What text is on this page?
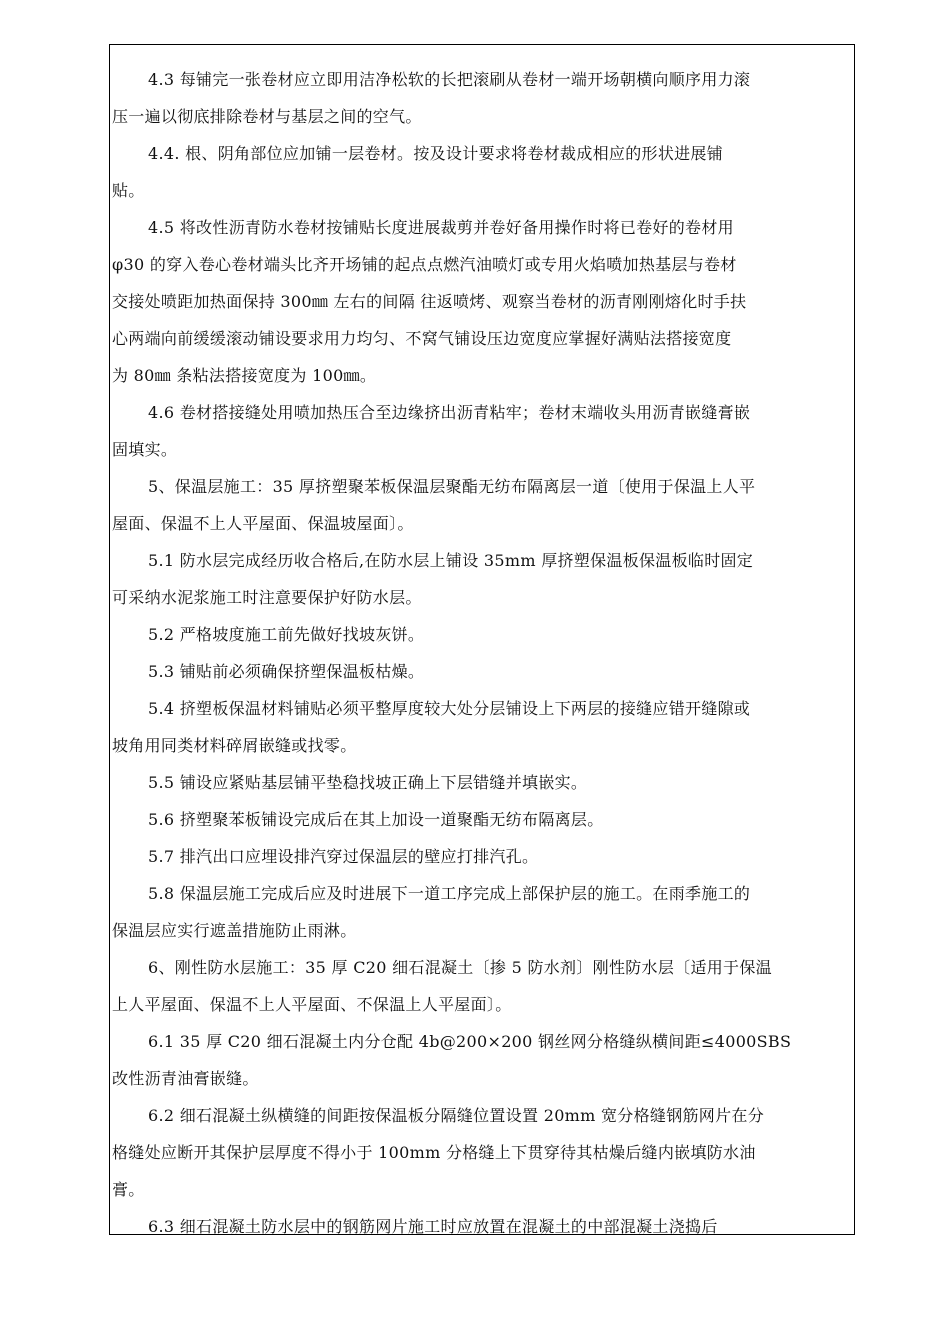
4.3 每铺完一张卷材应立即用洁净松软的长把滚刷从卷材一端开场朝横向顺序用力滚
压一遍以彻底排除卷材与基层之间的空气。

4.4. 根、阴角部位应加铺一层卷材。按及设计要求将卷材裁成相应的形状进展铺
贴。

4.5 将改性沥青防水卷材按铺贴长度进展裁剪并卷好备用操作时将已卷好的卷材用
φ30 的穿入卷心卷材端头比齐开场铺的起点点燃汽油喷灯或专用火焰喷加热基层与卷材
交接处喷距加热面保持 300㎜ 左右的间隔 往返喷烤、观察当卷材的沥青刚刚熔化时手扶
心两端向前缓缓滚动铺设要求用力均匀、不窝气铺设压边宽度应掌握好满贴法搭接宽度
为 80㎜ 条粘法搭接宽度为 100㎜。

4.6 卷材搭接缝处用喷加热压合至边缘挤出沥青粘牢；卷材末端收头用沥青嵌缝膏嵌
固填实。

5、保温层施工：35 厚挤塑聚苯板保温层聚酯无纺布隔离层一道〔使用于保温上人平
屋面、保温不上人平屋面、保温坡屋面〕。

5.1 防水层完成经历收合格后,在防水层上铺设 35mm 厚挤塑保温板保温板临时固定
可采纳水泥浆施工时注意要保护好防水层。

5.2 严格坡度施工前先做好找坡灰饼。

5.3 铺贴前必须确保挤塑保温板枯燥。

5.4 挤塑板保温材料铺贴必须平整厚度较大处分层铺设上下两层的接缝应错开缝隙或
坡角用同类材料碎屑嵌缝或找零。

5.5 铺设应紧贴基层铺平垫稳找坡正确上下层错缝并填嵌实。

5.6 挤塑聚苯板铺设完成后在其上加设一道聚酯无纺布隔离层。

5.7 排汽出口应埋设排汽穿过保温层的壁应打排汽孔。

5.8 保温层施工完成后应及时进展下一道工序完成上部保护层的施工。在雨季施工的
保温层应实行遮盖措施防止雨淋。

6、刚性防水层施工：35 厚 C20 细石混凝土〔掺 5 防水剂〕刚性防水层〔适用于保温
上人平屋面、保温不上人平屋面、不保温上人平屋面〕。

6.1 35 厚 C20 细石混凝土内分仓配 4b@200×200 钢丝网分格缝纵横间距≤4000SBS
改性沥青油膏嵌缝。

6.2 细石混凝土纵横缝的间距按保温板分隔缝位置设置 20mm 宽分格缝钢筋网片在分
格缝处应断开其保护层厚度不得小于 100mm 分格缝上下贯穿待其枯燥后缝内嵌填防水油
膏。

6.3 细石混凝土防水层中的钢筋网片施工时应放置在混凝土的中部混凝土浇捣后
